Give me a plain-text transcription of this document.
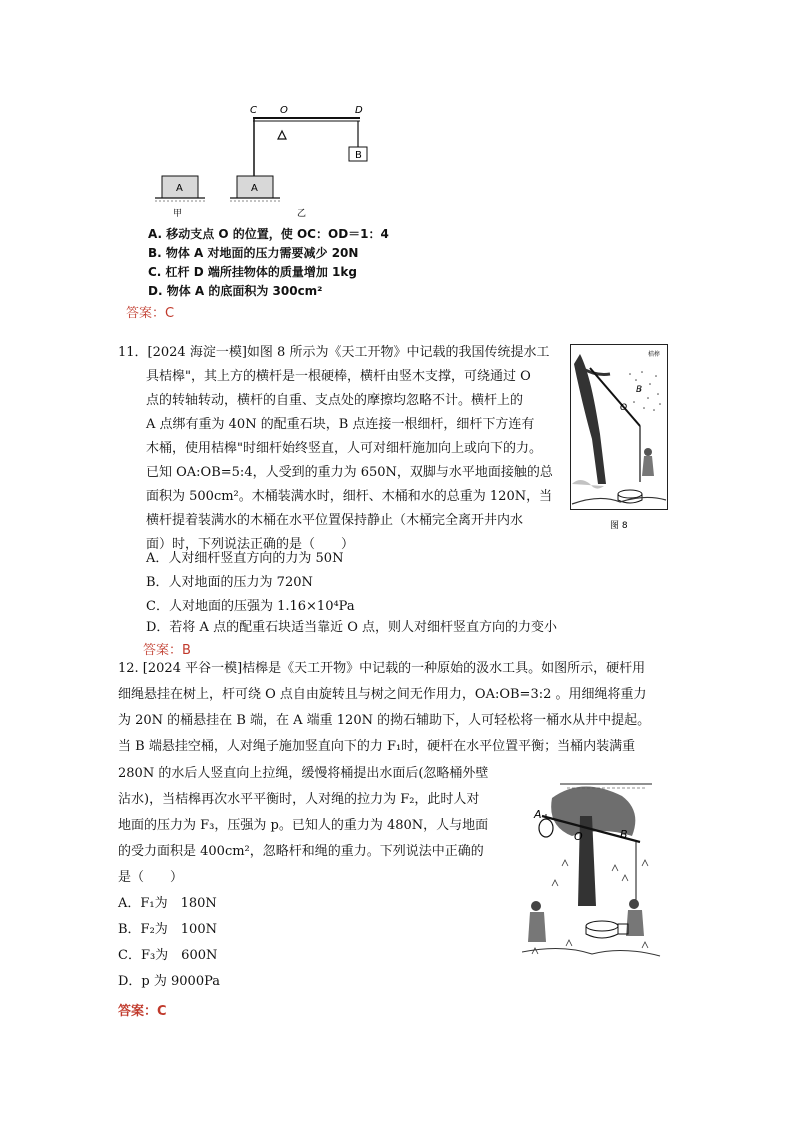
C O	D
B
A	A
甲	乙
A. 移动支点 O 的位置，使 OC：OD＝1：4
B. 物体 A 对地面的压力需要减少 20N
C. 杠杆 D 端所挂物体的质量增加 1kg
D. 物体 A 的底面积为 300cm²
答案：C
11．[2024 海淀一模]如图 8 所示为《天工开物》中记载的我国传统提水工
具桔槔"，其上方的横杆是一根硬棒，横杆由竖木支撑，可绕通过 O
点的转轴转动，横杆的自重、支点处的摩擦均忽略不计。横杆上的
A 点绑有重为 40N 的配重石块，B 点连接一根细杆，细杆下方连有
木桶，使用桔槔"时细杆始终竖直，人可对细杆施加向上或向下的力。
已知 OA:OB=5:4，人受到的重力为 650N，双脚与水平地面接触的总
面积为 500cm²。木桶装满水时，细杆、木桶和水的总重为 120N，当
横杆提着装满水的木桶在水平位置保持静止（木桶完全离开井内水
面）时，下列说法正确的是（　　）
桔槔
O
B
图 8
A．人对细杆竖直方向的力为 50N
B．人对地面的压力为 720N
C．人对地面的压强为 1.16×10⁴Pa
D．若将 A 点的配重石块适当靠近 O 点，则人对细杆竖直方向的力变小
答案：B
12. [2024 平谷一模]桔槔是《天工开物》中记载的一种原始的汲水工具。如图所示，硬杆用
细绳悬挂在树上，杆可绕 O 点自由旋转且与树之间无作用力，OA:OB=3:2 。用细绳将重力
为 20N 的桶悬挂在 B 端，在 A 端重 120N 的拗石辅助下，人可轻松将一桶水从井中提起。
当 B 端悬挂空桶，人对绳子施加竖直向下的力 F₁时，硬杆在水平位置平衡；当桶内装满重
280N 的水后人竖直向上拉绳，缓慢将桶提出水面后(忽略桶外壁
沾水)，当桔槔再次水平平衡时，人对绳的拉力为 F₂，此时人对
地面的压力为 F₃，压强为 p。已知人的重力为 480N，人与地面
的受力面积是 400cm²，忽略杆和绳的重力。下列说法中正确的
是（　　）
A
O	B
A．F₁为　180N
B．F₂为　100N
C．F₃为　600N
D．p 为 9000Pa
答案：C
